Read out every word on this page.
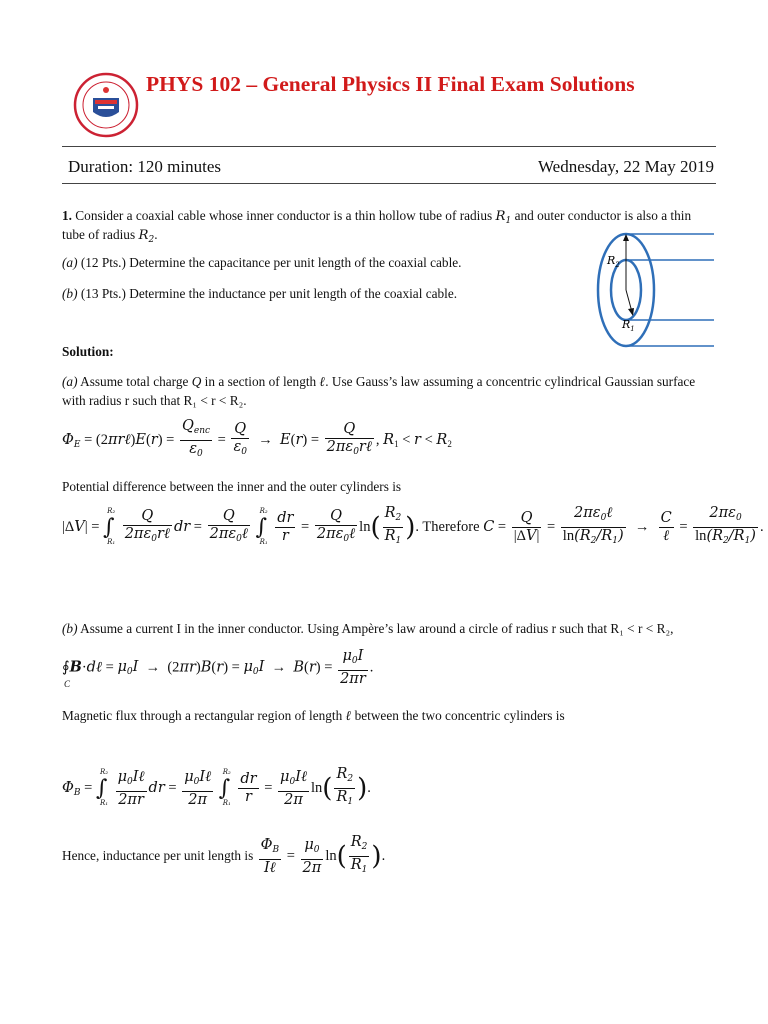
PHYS 102 – General Physics II Final Exam Solutions
Duration: 120 minutes	Wednesday, 22 May 2019
1. Consider a coaxial cable whose inner conductor is a thin hollow tube of radius $R_1$ and outer conductor is also a thin
tube of radius $R_2$.
(a) (12 Pts.) Determine the capacitance per unit length of the coaxial cable.
(b) (13 Pts.) Determine the inductance per unit length of the coaxial cable.
$R_2$
$R_1$
Solution:
(a) Assume total charge Q in a section of length ℓ. Use Gauss’s law assuming a concentric cylindrical Gaussian surface
with radius r such that R₁ < r < R₂.
$\Phi_E$ = (2πrℓ)E(r) = $\frac{Q_{enc}}{\varepsilon_0} = \frac{Q}{\varepsilon_0} \to E(r) = \frac{Q}{2\pi\varepsilon_0r\ell}$ , $R_1 < r < R_2$
Potential difference between the inner and the outer cylinders is
|ΔV| = ∫
R₂
R₁
$\frac{Q}{2\pi\varepsilon_0r\ell}$ dr = $\frac{Q}{2\pi\varepsilon_0\ell}$ ∫
R₂
R₁
$\frac{dr}{r} = \frac{Q}{2\pi\varepsilon_0\ell} \ln( \frac{R_2}{R_1}$ ). Therefore $C = \frac{Q}{|\Delta V|} = \frac{2\pi\varepsilon_0\ell}{\ln(R_2/R_1)} \to \frac{C}{\text{ℓ}} = \frac{2\pi\varepsilon_0}{\ln(R_2/R_1)}$ .
(b) Assume a current I in the inner conductor. Using Ampère’s law around a circle of radius r such that R₁ < r < R₂,
∮B·dℓ = $\mu_0I \to (2\pi r)B(r) = \mu_0I \to B(r) = \frac{\mu_0I}{2\pi r}$ .
C
Magnetic flux through a rectangular region of length ℓ between the two concentric cylinders is
$\Phi_B$ = ∫
R₂
R₁
$\frac{\mu_0I\ell}{2\pi r}$ dr = $\frac{\mu_0I\ell}{2\pi}$ ∫
R₂
R₁
$\frac{dr}{r} = \frac{\mu_0I\ell}{2\pi} \ln( \frac{R_2}{R_1}$ ).
Hence, inductance per unit length is $\frac{\Phi_B}{\text{Iℓ}} = \frac{\mu_0}{2\pi} \ln( \frac{R_2}{R_1}$ ).
